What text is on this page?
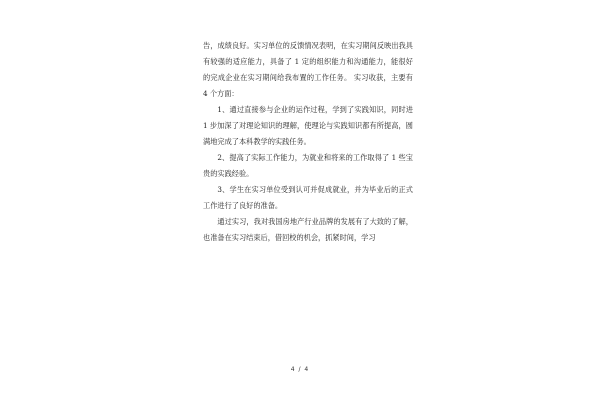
告，成绩良好。实习单位的反馈情况表明，在实习期间反映出我具有较强的适应能力，具备了 1 定的组织能力和沟通能力，能很好的完成企业在实习期间给我布置的工作任务。 实习收获，主要有 4 个方面：

1、通过直接参与企业的运作过程，学到了实践知识，同时进 1 步加深了对理论知识的理解，使理论与实践知识都有所提高，圆满地完成了本科教学的实践任务。

2、提高了实际工作能力，为就业和将来的工作取得了 1 些宝贵的实践经验。

3、学生在实习单位受到认可并促成就业，并为毕业后的正式工作进行了良好的准备。

通过实习，我对我国房地产行业品牌的发展有了大致的了解，也准备在实习结束后，借回校的机会，抓紧时间，学习

4 / 4
